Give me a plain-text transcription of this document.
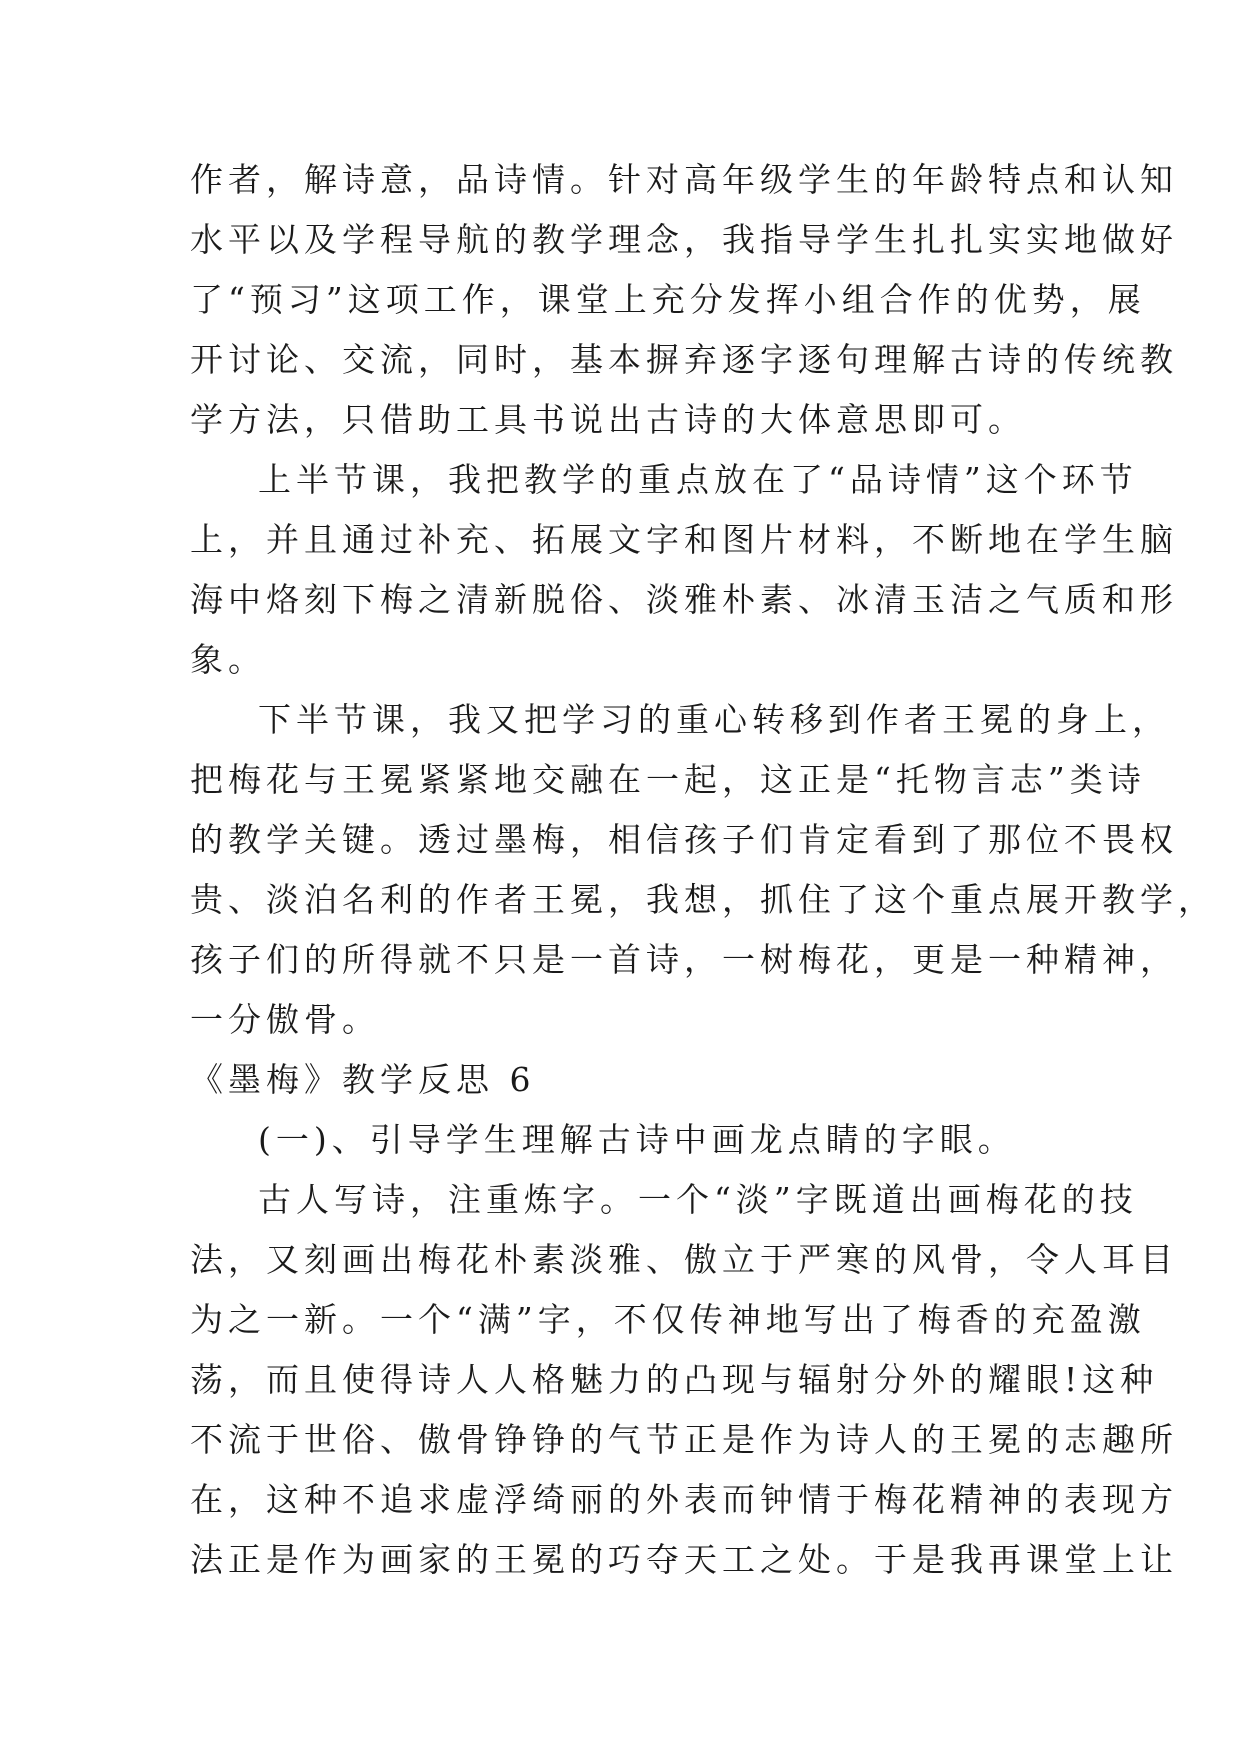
作者，解诗意，品诗情。针对高年级学生的年龄特点和认知
水平以及学程导航的教学理念，我指导学生扎扎实实地做好
了“预习”这项工作，课堂上充分发挥小组合作的优势，展
开讨论、交流，同时，基本摒弃逐字逐句理解古诗的传统教
学方法，只借助工具书说出古诗的大体意思即可。
上半节课，我把教学的重点放在了“品诗情”这个环节
上，并且通过补充、拓展文字和图片材料，不断地在学生脑
海中烙刻下梅之清新脱俗、淡雅朴素、冰清玉洁之气质和形
象。
下半节课，我又把学习的重心转移到作者王冕的身上，
把梅花与王冕紧紧地交融在一起，这正是“托物言志”类诗
的教学关键。透过墨梅，相信孩子们肯定看到了那位不畏权
贵、淡泊名利的作者王冕，我想，抓住了这个重点展开教学，
孩子们的所得就不只是一首诗，一树梅花，更是一种精神，
一分傲骨。
《墨梅》教学反思 6
(一)、引导学生理解古诗中画龙点睛的字眼。
古人写诗，注重炼字。一个“淡”字既道出画梅花的技
法，又刻画出梅花朴素淡雅、傲立于严寒的风骨，令人耳目
为之一新。一个“满”字，不仅传神地写出了梅香的充盈激
荡，而且使得诗人人格魅力的凸现与辐射分外的耀眼!这种
不流于世俗、傲骨铮铮的气节正是作为诗人的王冕的志趣所
在，这种不追求虚浮绮丽的外表而钟情于梅花精神的表现方
法正是作为画家的王冕的巧夺天工之处。于是我再课堂上让
